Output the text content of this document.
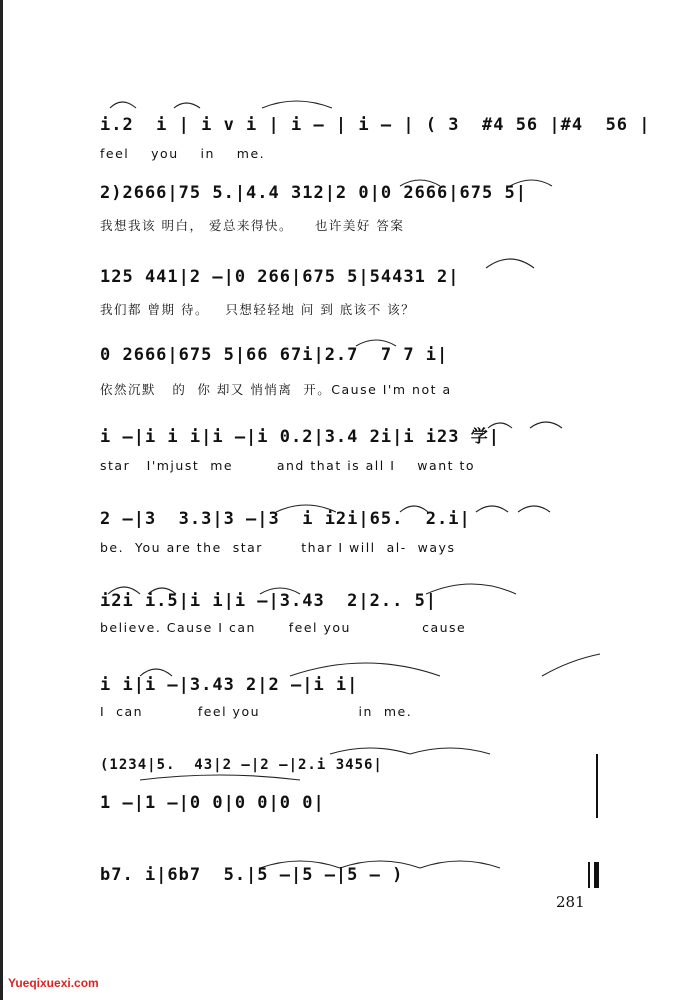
i.2  i | i v i | i – | i – | ( 3  #4 56 |#4  56 |
feel    you    in    me.
2)2666|75 5.|4.4 312|2 0|0 2666|675 5|
我想我该 明白， 爱总来得快。    也许美好 答案
125 441|2 –|0 266|675 5|54431 2|
我们都 曾期 待。   只想轻轻地 问 到 底该不 该？
0 2666|675 5|66 67i|2.7  7 7 i|
依然沉默   的  你 却又 悄悄离  开。Cause I'm not a
i –|i i i|i –|i 0.2|3.4 2i|i i23 学|
star   I'mjust  me        and that is all I    want to
2 –|3  3.3|3 –|3  i i2i|65.  2.i|
be.  You are the  star       thar I will  al-  ways
i2i i.5|i i|i –|3.43  2|2.. 5|
believe. Cause I can      feel you             cause
i i|i –|3.43 2|2 –|i i|
I  can          feel you                  in  me.
(1234|5.  43|2 –|2 –|2.i 3456|
1 –|1 –|0 0|0 0|0 0|
b7. i|6b7  5.|5 –|5 –|5 – )
281
Yueqixuexi.com
